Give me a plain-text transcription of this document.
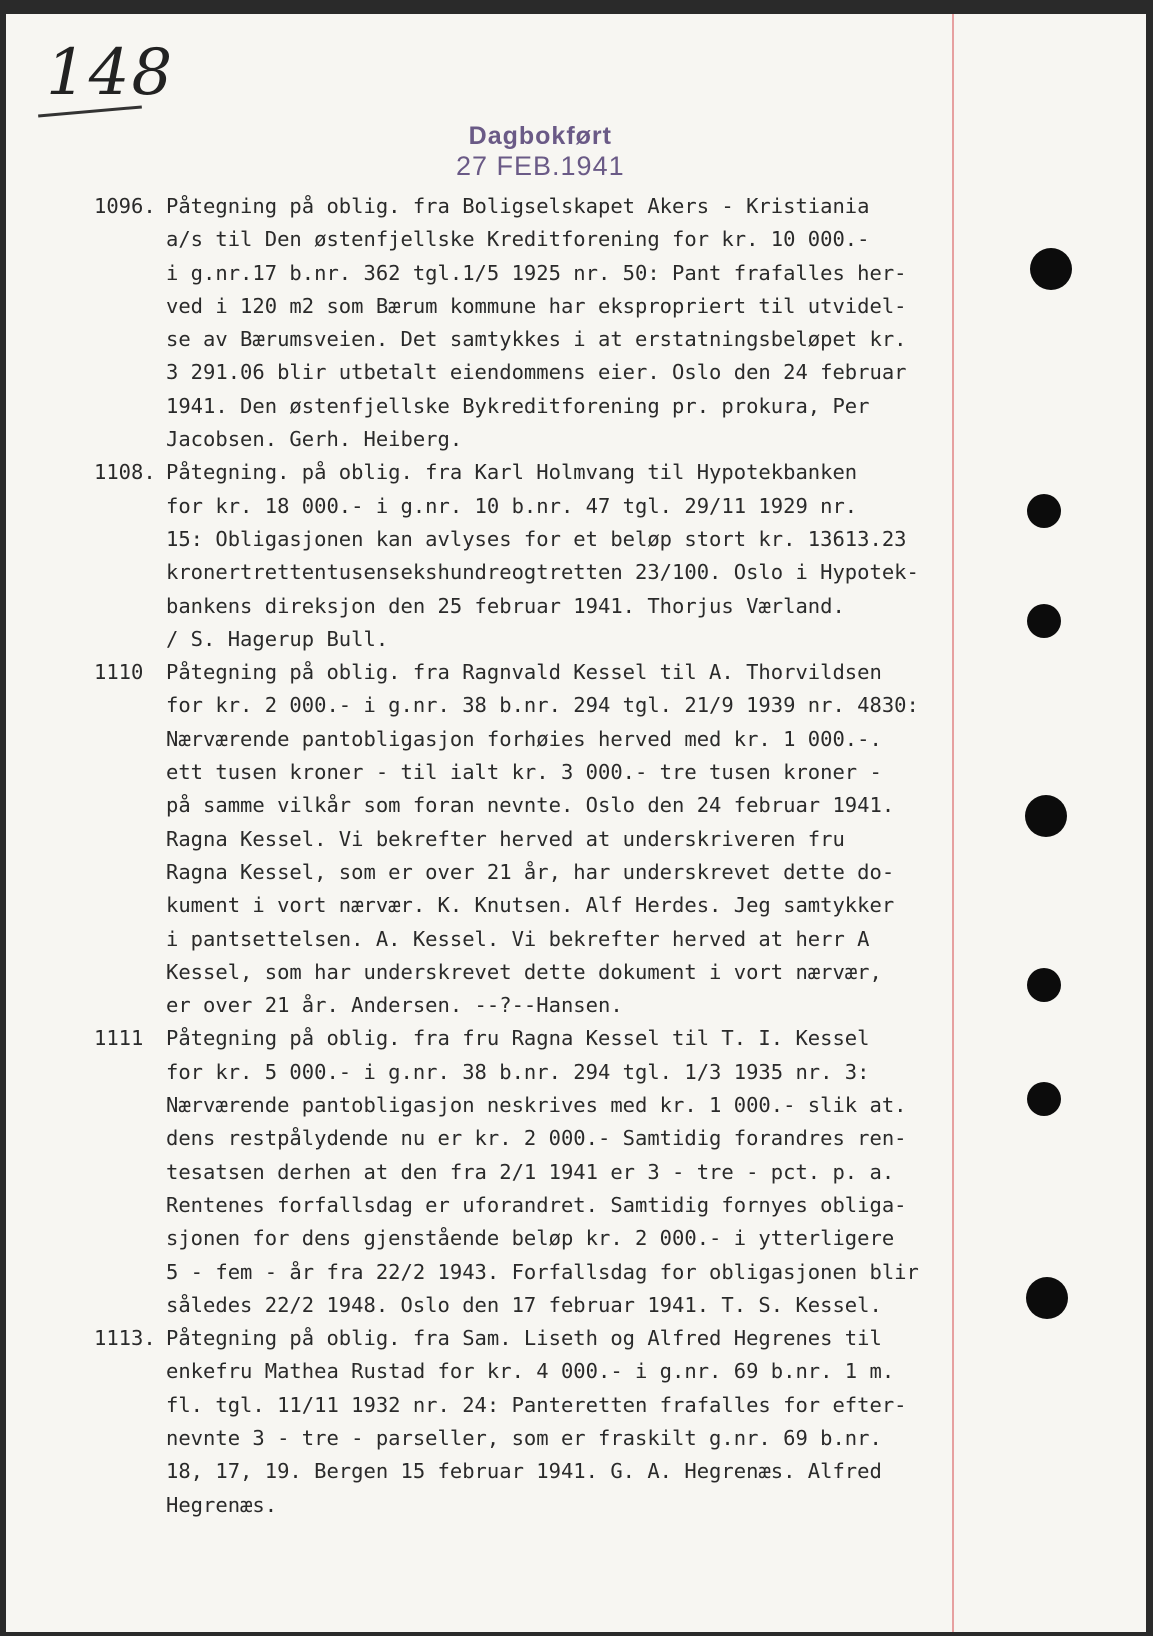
148
Dagbokført
27 FEB.1941
1096. Påtegning på oblig. fra Boligselskapet Akers - Kristiania
a/s til Den østenfjellske Kreditforening for kr. 10 000.-
i g.nr.17 b.nr. 362 tgl.1/5 1925 nr. 50: Pant frafalles her-
ved i 120 m2 som Bærum kommune har ekspropriert til utvidel-
se av Bærumsveien. Det samtykkes i at erstatningsbeløpet kr.
3 291.06 blir utbetalt eiendommens eier. Oslo den 24 februar
1941. Den østenfjellske Bykreditforening pr. prokura, Per
Jacobsen. Gerh. Heiberg.
1108. Påtegning. på oblig. fra Karl Holmvang til Hypotekbanken
for kr. 18 000.- i g.nr. 10 b.nr. 47 tgl. 29/11 1929 nr.
15: Obligasjonen kan avlyses for et beløp stort kr. 13613.23
kronertrettentusensekshundreogtretten 23/100. Oslo i Hypotek-
bankens direksjon den 25 februar 1941. Thorjus Værland.
/ S. Hagerup Bull.
1110 Påtegning på oblig. fra Ragnvald Kessel til A. Thorvildsen
for kr. 2 000.- i g.nr. 38 b.nr. 294 tgl. 21/9 1939 nr. 4830:
Nærværende pantobligasjon forhøies herved med kr. 1 000.-.
ett tusen kroner - til ialt kr. 3 000.- tre tusen kroner -
på samme vilkår som foran nevnte. Oslo den 24 februar 1941.
Ragna Kessel. Vi bekrefter herved at underskriveren fru
Ragna Kessel, som er over 21 år, har underskrevet dette do-
kument i vort nærvær. K. Knutsen. Alf Herdes. Jeg samtykker
i pantsettelsen. A. Kessel. Vi bekrefter herved at herr A
Kessel, som har underskrevet dette dokument i vort nærvær,
er over 21 år. Andersen. --?--Hansen.
1111 Påtegning på oblig. fra fru Ragna Kessel til T. I. Kessel
for kr. 5 000.- i g.nr. 38 b.nr. 294 tgl. 1/3 1935 nr. 3:
Nærværende pantobligasjon neskrives med kr. 1 000.- slik at.
dens restpålydende nu er kr. 2 000.- Samtidig forandres ren-
tesatsen derhen at den fra 2/1 1941 er 3 - tre - pct. p. a.
Rentenes forfallsdag er uforandret. Samtidig fornyes obliga-
sjonen for dens gjenstående beløp kr. 2 000.- i ytterligere
5 - fem - år fra 22/2 1943. Forfallsdag for obligasjonen blir
således 22/2 1948. Oslo den 17 februar 1941. T. S. Kessel.
1113. Påtegning på oblig. fra Sam. Liseth og Alfred Hegrenes til
enkefru Mathea Rustad for kr. 4 000.- i g.nr. 69 b.nr. 1 m.
fl. tgl. 11/11 1932 nr. 24: Panteretten frafalles for efter-
nevnte 3 - tre - parseller, som er fraskilt g.nr. 69 b.nr.
18, 17, 19. Bergen 15 februar 1941. G. A. Hegrenæs. Alfred
Hegrenæs.
